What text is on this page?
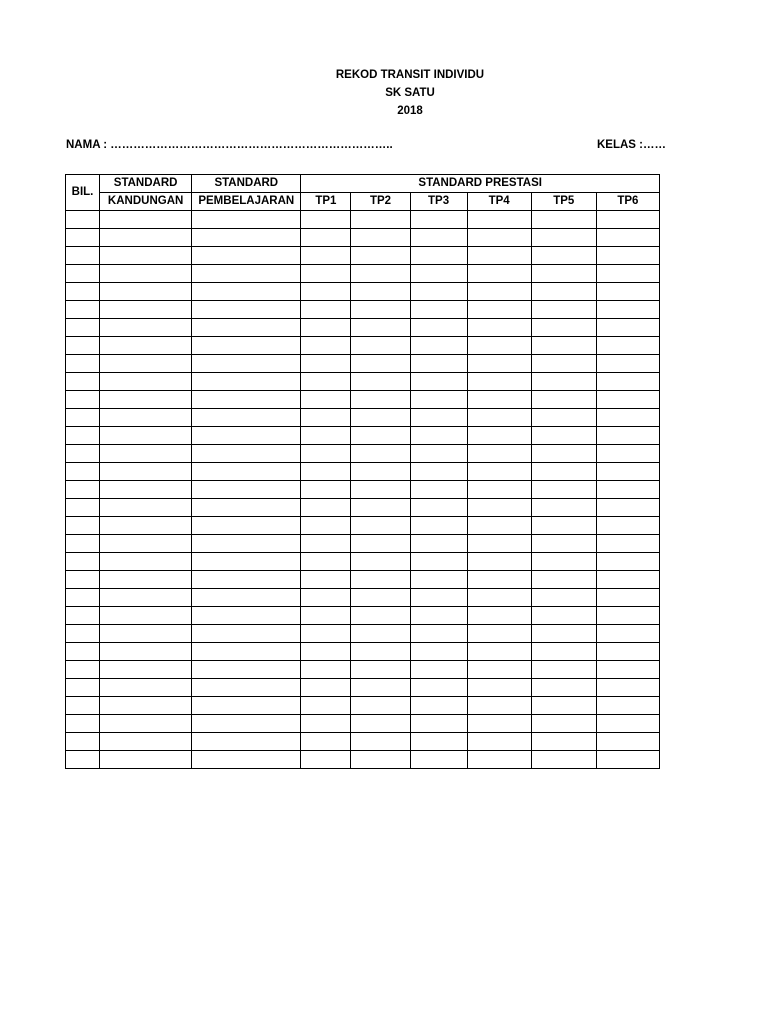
REKOD TRANSIT INDIVIDU
SK SATU
2018
NAMA : ………………………………………………………………..	KELAS :……
BIL.	STANDARD	STANDARD	STANDARD PRESTASI					
	KANDUNGAN	PEMBELAJARAN	TP1	TP2	TP3	TP4	TP5	TP6
